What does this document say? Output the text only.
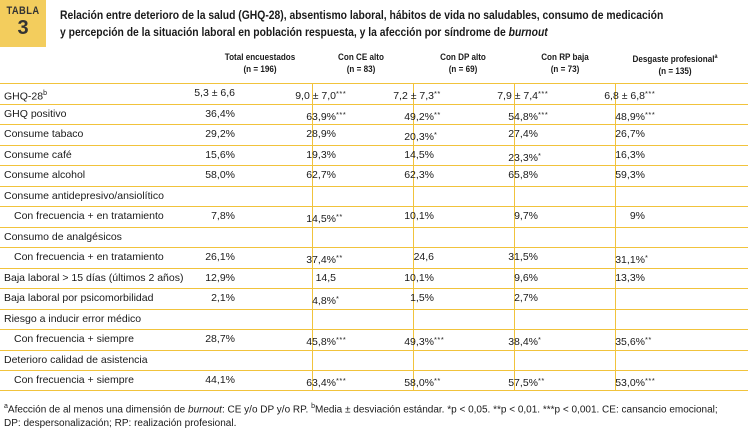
TABLA
3
Relación entre deterioro de la salud (GHQ-28), absentismo laboral, hábitos de vida no saludables, consumo de medicación
y percepción de la situación laboral en población respuesta, y la afección por síndrome de burnout
Total encuestados
(n = 196)
Con CE alto
(n = 83)
Con DP alto
(n = 69)
Con RP baja
(n = 73)
Desgaste profesional$^a$
(n = 135)
GHQ-28$^b$	5,3 ± 6,6	9,0 ± 7,0***	7,2 ± 7,3**	7,9 ± 7,4***	6,8 ± 6,8***
GHQ positivo	36,4%	63,9%***	49,2%**	54,8%***	48,9%***
Consume tabaco	29,2%	28,9%	20,3%*	27,4%	26,7%
Consume café	15,6%	19,3%	14,5%	23,3%*	16,3%
Consume alcohol	58,0%	62,7%	62,3%	65,8%	59,3%
Consume antidepresivo/ansiolítico
Con frecuencia + en tratamiento	7,8%	14,5%**	10,1%	9,7%	9%
Consumo de analgésicos
Con frecuencia + en tratamiento	26,1%	37,4%**	24,6	31,5%	31,1%*
Baja laboral > 15 días (últimos 2 años) 12,9%	14,5	10,1%	9,6%	13,3%
Baja laboral por psicomorbilidad	2,1%	4,8%*	1,5%	2,7%
Riesgo a inducir error médico
Con frecuencia + siempre	28,7%	45,8%***	49,3%***	38,4%*	35,6%**
Deterioro calidad de asistencia
Con frecuencia + siempre	44,1%	63,4%***	58,0%**	57,5%**	53,0%***
$^a$Afección de al menos una dimensión de burnout: CE y/o DP y/o RP. $^b$Media ± desviación estándar. *p < 0,05. **p < 0,01. ***p < 0,001. CE: cansancio emocional;
DP: despersonalización; RP: realización profesional.
